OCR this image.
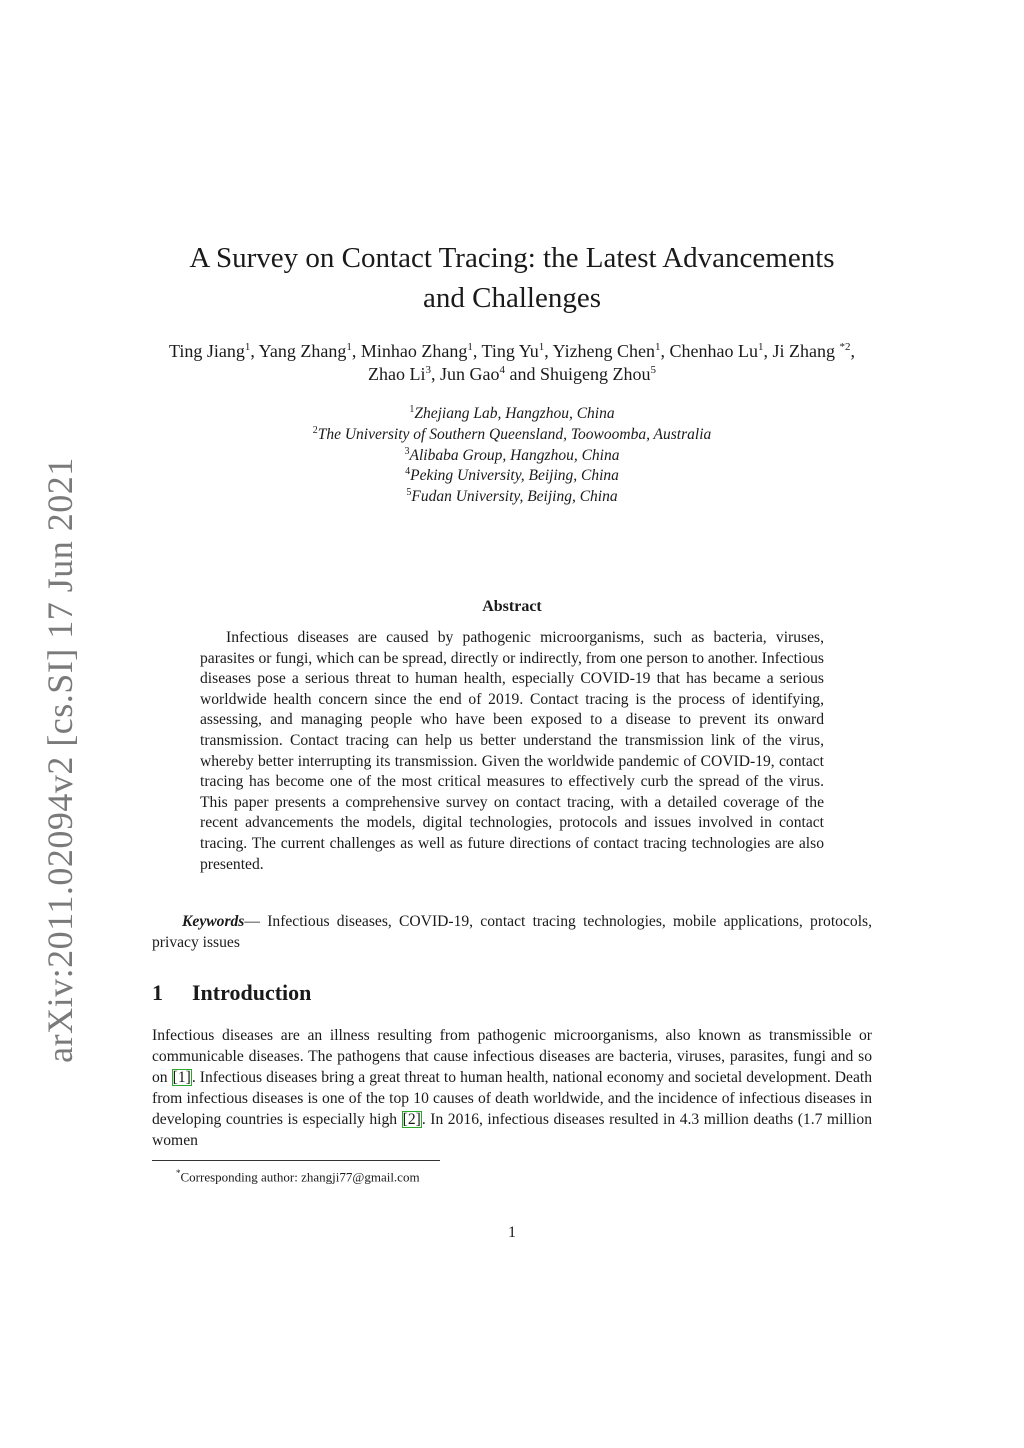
arXiv:2011.02094v2 [cs.SI] 17 Jun 2021
A Survey on Contact Tracing: the Latest Advancements
and Challenges

Ting Jiang$^1$, Yang Zhang$^1$, Minhao Zhang$^1$, Ting Yu$^1$, Yizheng Chen$^1$, Chenhao Lu$^1$, Ji Zhang $^{*2}$, Zhao Li$^3$, Jun Gao$^4$ and Shuigeng Zhou$^5$

$^1$Zhejiang Lab, Hangzhou, China
$^2$The University of Southern Queensland, Toowoomba, Australia
$^3$Alibaba Group, Hangzhou, China
$^4$Peking University, Beijing, China
$^5$Fudan University, Beijing, China
Abstract

Infectious diseases are caused by pathogenic microorganisms, such as bacteria, viruses, parasites or fungi, which can be spread, directly or indirectly, from one person to another. Infectious diseases pose a serious threat to human health, especially COVID-19 that has became a serious worldwide health concern since the end of 2019. Contact tracing is the process of identifying, assessing, and managing people who have been exposed to a disease to prevent its onward transmission. Contact tracing can help us better understand the transmission link of the virus, whereby better interrupting its transmission. Given the worldwide pandemic of COVID-19, contact tracing has become one of the most critical measures to effectively curb the spread of the virus. This paper presents a comprehensive survey on contact tracing, with a detailed coverage of the recent advancements the models, digital technologies, protocols and issues involved in contact tracing. The current challenges as well as future directions of contact tracing technologies are also presented.

Keywords— Infectious diseases, COVID-19, contact tracing technologies, mobile applications, protocols, privacy issues

1 Introduction

Infectious diseases are an illness resulting from pathogenic microorganisms, also known as transmissible or communicable diseases. The pathogens that cause infectious diseases are bacteria, viruses, parasites, fungi and so on [1]. Infectious diseases bring a great threat to human health, national economy and societal development. Death from infectious diseases is one of the top 10 causes of death worldwide, and the incidence of infectious diseases in developing countries is especially high [2]. In 2016, infectious diseases resulted in 4.3 million deaths (1.7 million women

*Corresponding author: zhangji77@gmail.com

1
